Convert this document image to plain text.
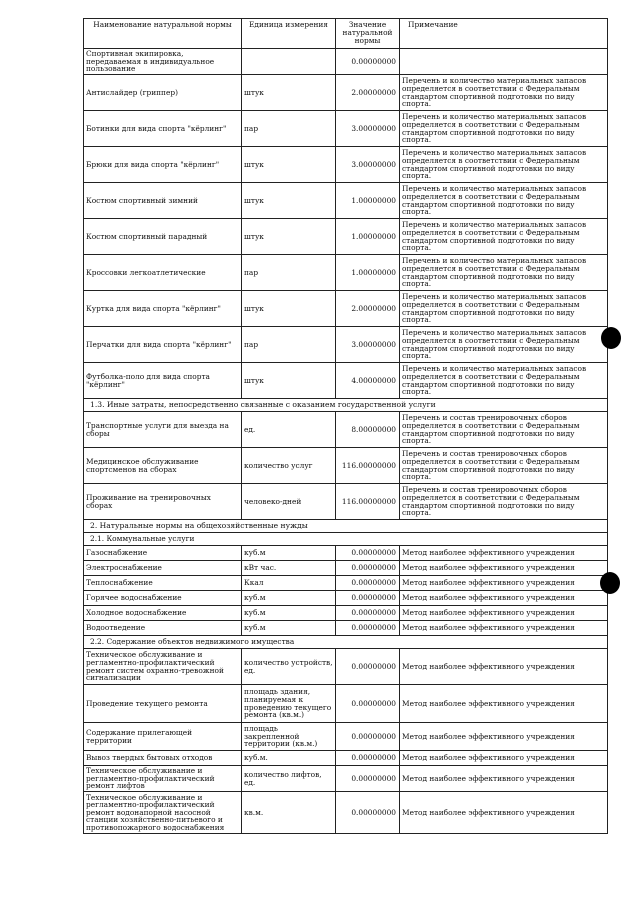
Наименование натуральной нормы	Единица измерения	Значение натуральной нормы	Примечание
Спортивная экипировка, передаваемая в индивидуальное пользование		0.00000000	
Антислайдер (гриппер)	штук	2.00000000	Перечень и количество материальных запасов определяется в соответствии с Федеральным стандартом спортивной подготовки по виду спорта.
Ботинки для вида спорта "кёрлинг"	пар	3.00000000	Перечень и количество материальных запасов определяется в соответствии с Федеральным стандартом спортивной подготовки по виду спорта.
Брюки для вида спорта "кёрлинг"	штук	3.00000000	Перечень и количество материальных запасов определяется в соответствии с Федеральным стандартом спортивной подготовки по виду спорта.
Костюм спортивный зимний	штук	1.00000000	Перечень и количество материальных запасов определяется в соответствии с Федеральным стандартом спортивной подготовки по виду спорта.
Костюм спортивный парадный	штук	1.00000000	Перечень и количество материальных запасов определяется в соответствии с Федеральным стандартом спортивной подготовки по виду спорта.
Кроссовки легкоатлетические	пар	1.00000000	Перечень и количество материальных запасов определяется в соответствии с Федеральным стандартом спортивной подготовки по виду спорта.
Куртка для вида спорта "кёрлинг"	штук	2.00000000	Перечень и количество материальных запасов определяется в соответствии с Федеральным стандартом спортивной подготовки по виду спорта.
Перчатки для вида спорта "кёрлинг"	пар	3.00000000	Перечень и количество материальных запасов определяется в соответствии с Федеральным стандартом спортивной подготовки по виду спорта.
Футболка-поло для вида спорта "кёрлинг"	штук	4.00000000	Перечень и количество материальных запасов определяется в соответствии с Федеральным стандартом спортивной подготовки по виду спорта.
1.3. Иные затраты, непосредственно связанные с оказанием государственной услуги			
Транспортные услуги для выезда на сборы	ед.	8.00000000	Перечень и состав тренировочных сборов определяется в соответствии с Федеральным стандартом спортивной подготовки по виду спорта.
Медицинское обслуживание спортсменов на сборах	количество услуг	116.00000000	Перечень и состав тренировочных сборов определяется в соответствии с Федеральным стандартом спортивной подготовки по виду спорта.
Проживание на тренировочных сборах	человеко-дней	116.00000000	Перечень и состав тренировочных сборов определяется в соответствии с Федеральным стандартом спортивной подготовки по виду спорта.
2. Натуральные нормы на общехозяйственные нужды			
2.1. Коммунальные услуги			
Газоснабжение	куб.м	0.00000000	Метод наиболее эффективного учреждения
Электроснабжение	кВт час.	0.00000000	Метод наиболее эффективного учреждения
Теплоснабжение	Ккал	0.00000000	Метод наиболее эффективного учреждения
Горячее водоснабжение	куб.м	0.00000000	Метод наиболее эффективного учреждения
Холодное водоснабжение	куб.м	0.00000000	Метод наиболее эффективного учреждения
Водоотведение	куб.м	0.00000000	Метод наиболее эффективного учреждения
2.2. Содержание объектов недвижимого имущества			
Техническое обслуживание и регламентно-профилактический ремонт систем охранно-тревожной сигнализации	количество устройств, ед.	0.00000000	Метод наиболее эффективного учреждения
Проведение текущего ремонта	площадь здания, планируемая к проведению текущего ремонта (кв.м.)	0.00000000	Метод наиболее эффективного учреждения
Содержание прилегающей территории	площадь закрепленной территории (кв.м.)	0.00000000	Метод наиболее эффективного учреждения
Вывоз твердых бытовых отходов	куб.м.	0.00000000	Метод наиболее эффективного учреждения
Техническое обслуживание и регламентно-профилактический ремонт лифтов	количество лифтов, ед.	0.00000000	Метод наиболее эффективного учреждения
Техническое обслуживание и регламентно-профилактический ремонт водонапорной насосной станции хозяйственно-питьевого и противопожарного водоснабжения	кв.м.	0.00000000	Метод наиболее эффективного учреждения
